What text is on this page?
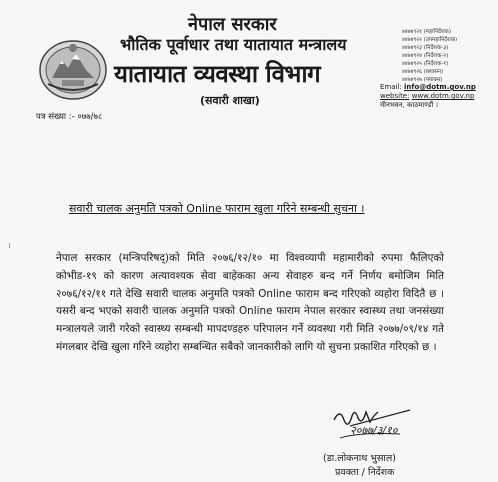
नेपाल सरकार
भौतिक पूर्वाधार तथा यातायात मन्त्रालय
यातायात व्यवस्था विभाग
(सवारी शाखा)
४४७४९२१ (महानिर्देशक)
४४७४९२२ (उपमहानिर्देशक)
४४७४९२३ (निर्देशक-३)
४४७४९२४ (निर्देशक-२)
४४७४९२५ (निर्देशक-१)
४४७४९२६ (प्रशासन)
४४७४९२७ (फ्याक्स)
Email: info@dotm.gov.np
website: www.dotm.gov.np
मीनभवन, काठमाण्डौं ।
पत्र संख्या :- ०७७/७८
सवारी चालक अनुमति पत्रको Online फाराम खुला गरिने सम्बन्धी सुचना ।
नेपाल सरकार (मन्त्रिपरिषद्)को मिति २०७६/१२/१० मा विश्वव्यापी महामारीको रुपमा फैलिएको कोभीड-१९ को कारण अत्यावश्यक सेवा बाहेकका अन्य सेवाहरु बन्द गर्ने निर्णय बमोजिम मिति २०७६/१२/११ गते देखि सवारी चालक अनुमति पत्रको Online फाराम बन्द गरिएको व्यहोरा विदितै छ । यसरी बन्द भएको सवारी चालक अनुमति पत्रको Online फाराम नेपाल सरकार स्वास्थ्य तथा जनसंख्या मन्त्रालयले जारी गरेको स्वास्थ्य सम्बन्धी मापदण्डहरु परिपालन गर्ने व्यवस्था गरी मिति २०७७/०९/१४ गते मंगलबार देखि खुला गरिने व्यहोरा सम्बन्धित सबैको जानकारीको लागि यो सुचना प्रकाशित गरिएको छ ।
२०७७/३/१०
(डा.लोकनाथ भुसाल)
प्रवक्ता / निर्देशक
